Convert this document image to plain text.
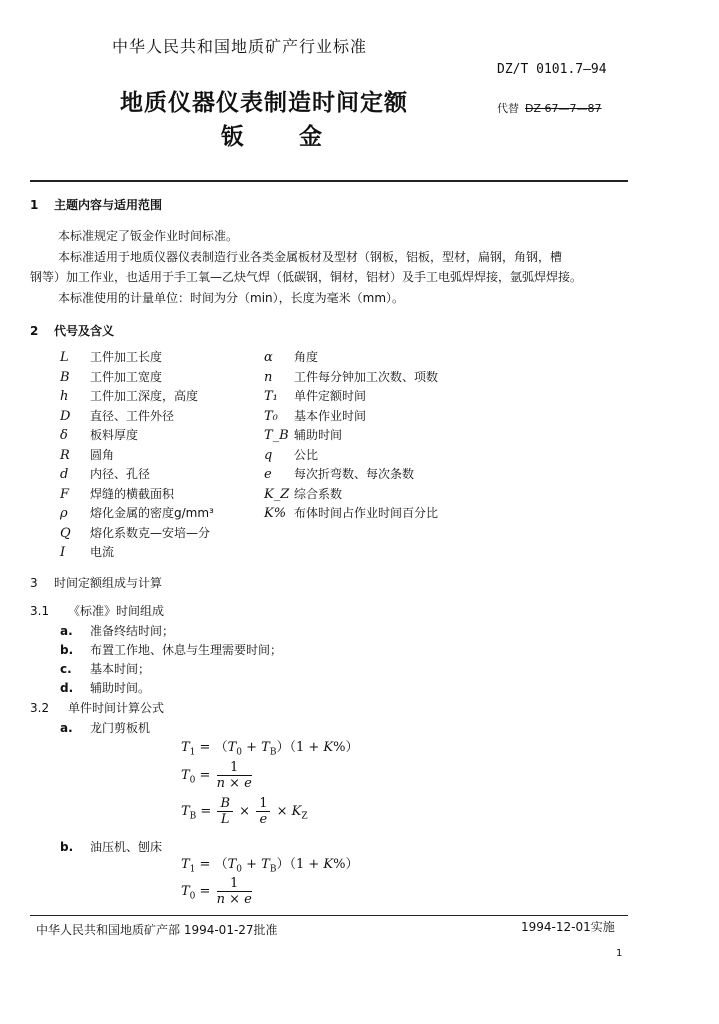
中华人民共和国地质矿产行业标准
DZ/T 0101.7—94
代替 DZ 67—7—87
地质仪器仪表制造时间定额
钣金
1 主题内容与适用范围
本标准规定了钣金作业时间标准。
本标准适用于地质仪器仪表制造行业各类金属板材及型材（钢板，铝板，型材，扁钢，角钢，槽
钢等）加工作业，也适用于手工氧—乙炔气焊（低碳钢，铜材，铝材）及手工电弧焊焊接，氩弧焊焊接。
本标准使用的计量单位：时间为分（min），长度为毫米（mm）。
2 代号及含义
L 工件加工长度
B 工件加工宽度
h 工件加工深度，高度
D 直径、工件外径
δ 板料厚度
R 圆角
d 内径、孔径
F 焊缝的横截面积
ρ 熔化金属的密度g/mm³
Q 熔化系数克—安培—分
I 电流
α 角度
n 工件每分钟加工次数、项数
T₁ 单件定额时间
T₀ 基本作业时间
T_B 辅助时间
q 公比
e 每次折弯数、每次条数
K_Z 综合系数
K% 布体时间占作业时间百分比
3 时间定额组成与计算
3.1 《标准》时间组成
a. 准备终结时间；
b. 布置工作地、休息与生理需要时间；
c. 基本时间；
d. 辅助时间。
3.2 单件时间计算公式
a. 龙门剪板机
$T_1 = (T_0 + T_B)(1 + K\%)$
$T_0 = \frac{1}{n \times e}$
$T_B = \frac{B}{L} \times \frac{1}{e} \times K_Z$
b. 油压机、刨床
$T_1 = (T_0 + T_B)(1 + K\%)$
$T_0 = \frac{1}{n \times e}$
中华人民共和国地质矿产部 1994-01-27批准	1994-12-01实施
1
